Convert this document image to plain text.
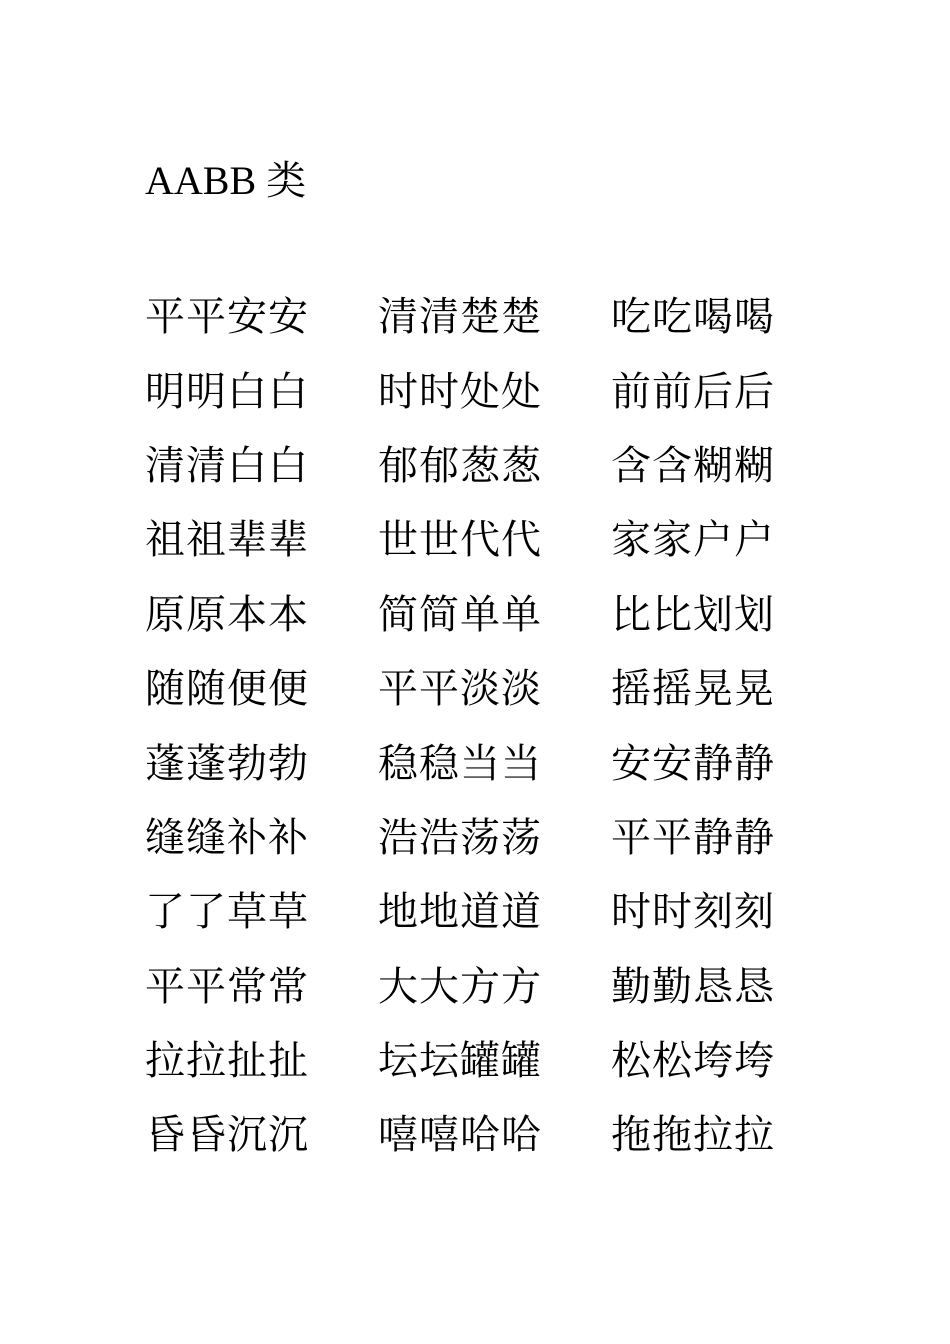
AABB 类
平平安安	清清楚楚	吃吃喝喝
明明白白	时时处处	前前后后
清清白白	郁郁葱葱	含含糊糊
祖祖辈辈	世世代代	家家户户
原原本本	简简单单	比比划划
随随便便	平平淡淡	摇摇晃晃
蓬蓬勃勃	稳稳当当	安安静静
缝缝补补	浩浩荡荡	平平静静
了了草草	地地道道	时时刻刻
平平常常	大大方方	勤勤恳恳
拉拉扯扯	坛坛罐罐	松松垮垮
昏昏沉沉	嘻嘻哈哈	拖拖拉拉
